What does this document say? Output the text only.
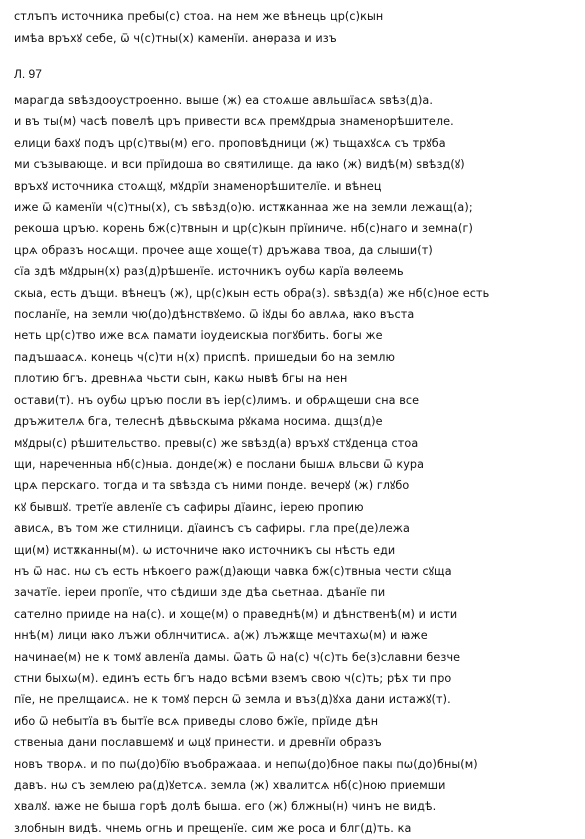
стлъпъ источника пребы(с) стоа. на нем же вѣнець цр(с)кын
имѣа връхꙋ себе, ѿ ч(с)тны(х) каменїи. анѳраза и изъ
Л. 97
марагда ѕвѣздооустроенно. выше (ж) еа стоѧше авльшїасѧ ѕвѣз(д)а.
и въ ты(м) часѣ повелѣ цръ привести всѧ премꙋдрыа знаменорѣшителе.
елици бахꙋ подъ цр(с)твы(м) его. проповѣдници (ж) тьщахꙋсѧ съ трꙋба
ми съзывающе. и вси прїидоша во святилище. да ꙗко (ж) видѣ(м) ѕвѣзд(ꙋ)
връхꙋ источника стоѧщꙋ, мꙋдрїи знаменорѣшителїе. и вѣнец
иже ѿ каменїи ч(с)тны(х), съ ѕвѣзд(о)ю. истѫканнаа же на земли лежащ(а);
рекоша цръю. корень бж(с)твнын и цр(с)кын прїиниче. нб(с)наго и земна(г)
црѧ образъ носѧщи. прочее аще хоще(т) дръжава твоа, да слыши(т)
сїа здѣ мꙋдрын(х) раз(д)рѣшенїе. источникъ оубѡ карїа вѳлеемь
скыа, есть дъщи. вѣнецъ (ж), цр(с)кын есть обра(з). ѕвѣзд(а) же нб(с)ное есть
посланїе, на земли чю(до)дѣнствꙋемо. ѿ іꙋды бо авлѧа, ꙗко въста
неть цр(с)тво иже всѧ памати іоудеискыа погꙋбить. богы же
падъшаасѧ. конець ч(с)ти н(х) приспѣ. пришедыи бо на землю
плотию бгъ. древнѧа чьсти сын, какѡ нывѣ бгы на нен
остави(т). нъ оубѡ цръю посли въ іер(с)лимъ. и обрѧщеши сна все
дръжителѧ бга, телеснѣ дѣвьскыма рꙋкама носима. дщз(д)е
мꙋдры(с) рѣшительство. превы(с) же ѕвѣзд(а) връхꙋ стꙋденца стоа
щи, нареченныа нб(с)ныа. донде(ж) е послани бышѧ вльсви ѿ кура
црѧ перскаго. тогда и та ѕвѣзда съ ними понде. вечерꙋ (ж) глꙋбо
кꙋ бывшꙋ. третїе авленїе съ сафиры дїаинс, іерею пропию
ависѧ, въ том же стилници. дїаинсъ съ сафиры. гла пре(де)лежа
щи(м) истѫканны(м). ѡ источниче ꙗко источникъ сы нѣсть еди
нъ ѿ нас. нѡ съ есть нѣкоего раж(д)ающи чавка бж(с)твныа чести сꙋща
зачатїе. іереи пропїе, что сѣдиши зде дѣа сьетнаа. дѣанїе пи
сателно прииде на на(с). и хоще(м) о праведнѣ(м) и дѣнственѣ(м) и исти
ннѣ(м) лици ꙗко лъжи облнчитисѧ. а(ж) лъжѫще мечтахѡ(м) и ꙗже
начинае(м) не к томꙋ авленїа дамы. ѿать ѿ на(с) ч(с)ть бе(з)славни безче
стни быхѡ(м). единъ есть бгъ надо всѣми вземъ свою ч(с)ть; рѣх ти про
пїе, не прелщаисѧ. не к томꙋ персн ѿ земла и въз(д)ꙋха дани истажꙋ(т).
ибо ѿ небытїа въ бытїе всѧ приведы слово бжїе, прїиде дѣн
ственыа дани пославшемꙋ и ѡцꙋ принести. и древнїи образъ
новъ творѧ. и по пѡ(до)бїю въображааа. и непѡ(до)бное пакы пѡ(до)бны(м)
давъ. нѡ съ землею ра(д)ꙋетсѧ. земла (ж) хвалитсѧ нб(с)ною приемши
хвалꙋ. ꙗже не быша горѣ долѣ быша. его (ж) блжны(н) чинъ не видѣ.
злобнын видѣ. чнемь огнь и прещенїе. сим же роса и блг(д)ть. ка
